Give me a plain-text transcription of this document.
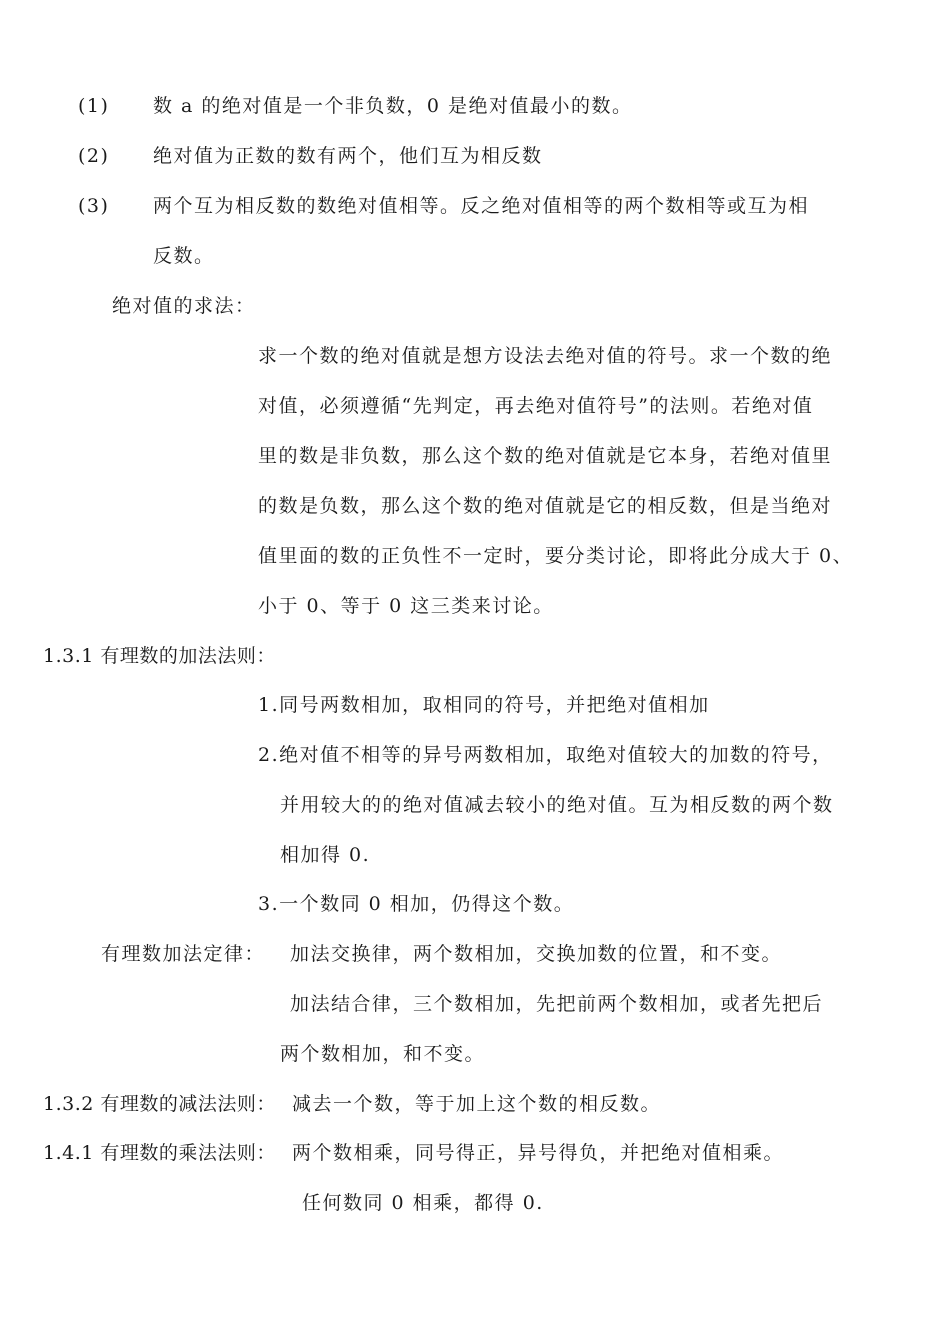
(1) 数 a 的绝对值是一个非负数，0 是绝对值最小的数。
(2) 绝对值为正数的数有两个，他们互为相反数
(3) 两个互为相反数的数绝对值相等。反之绝对值相等的两个数相等或互为相
反数。
绝对值的求法：
求一个数的绝对值就是想方设法去绝对值的符号。求一个数的绝
对值，必须遵循“先判定，再去绝对值符号”的法则。若绝对值
里的数是非负数，那么这个数的绝对值就是它本身，若绝对值里
的数是负数，那么这个数的绝对值就是它的相反数，但是当绝对
值里面的数的正负性不一定时，要分类讨论，即将此分成大于 0、
小于 0、等于 0 这三类来讨论。
1.3.1 有理数的加法法则：
1.同号两数相加，取相同的符号，并把绝对值相加
2.绝对值不相等的异号两数相加，取绝对值较大的加数的符号，
并用较大的的绝对值减去较小的绝对值。互为相反数的两个数
相加得 0.
3.一个数同 0 相加，仍得这个数。
有理数加法定律： 加法交换律，两个数相加，交换加数的位置，和不变。
加法结合律，三个数相加，先把前两个数相加，或者先把后
两个数相加，和不变。
1.3.2 有理数的减法法则： 减去一个数，等于加上这个数的相反数。
1.4.1 有理数的乘法法则： 两个数相乘，同号得正，异号得负，并把绝对值相乘。
任何数同 0 相乘，都得 0.
